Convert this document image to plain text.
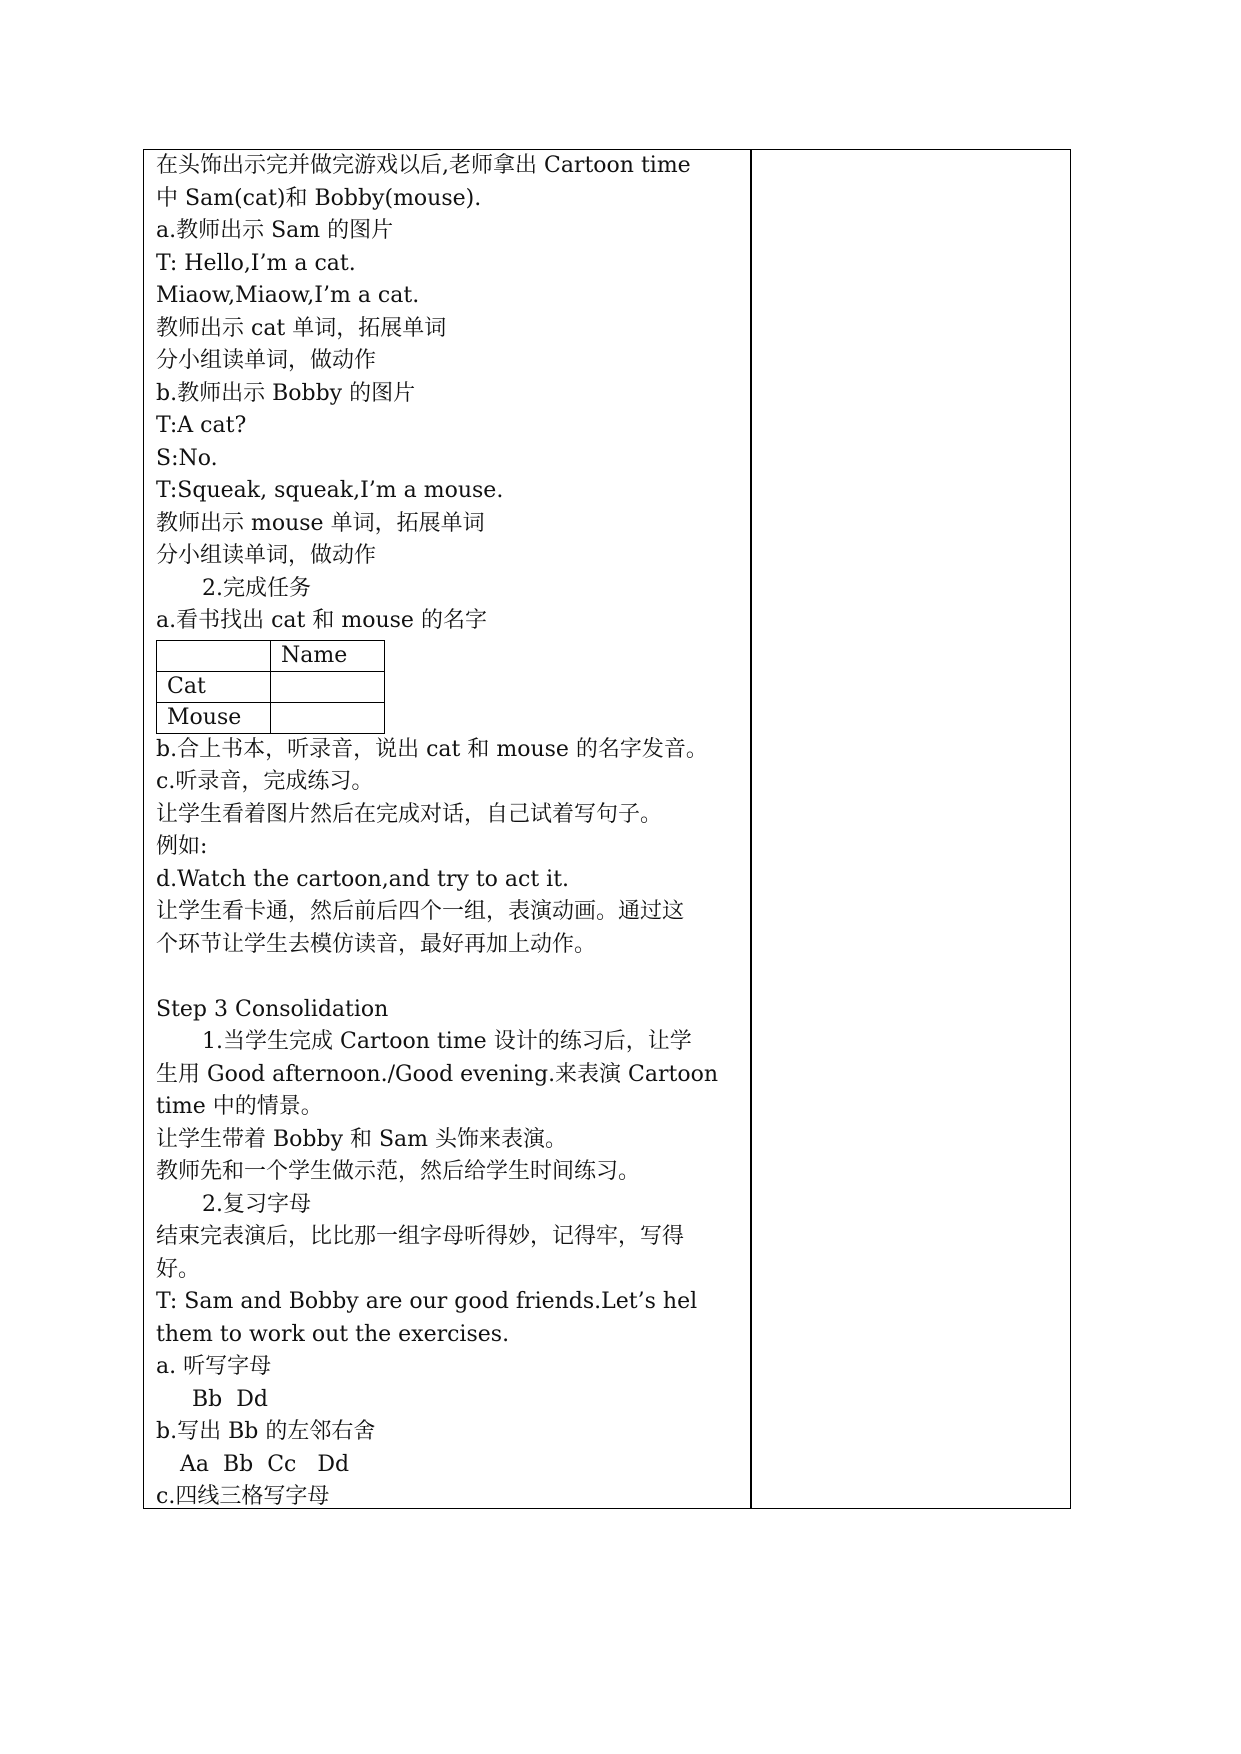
在头饰出示完并做完游戏以后,老师拿出 Cartoon time
中 Sam(cat)和 Bobby(mouse).
a.教师出示 Sam 的图片
T: Hello,I’m a cat.
Miaow,Miaow,I’m a cat.
教师出示 cat 单词，拓展单词
分小组读单词，做动作
b.教师出示 Bobby 的图片
T:A cat?
S:No.
T:Squeak, squeak,I’m a mouse.
教师出示 mouse 单词，拓展单词
分小组读单词，做动作
2.完成任务
a.看书找出 cat 和 mouse 的名字
	Name
Cat	
Mouse	
b.合上书本，听录音，说出 cat 和 mouse 的名字发音。
c.听录音，完成练习。
让学生看着图片然后在完成对话，自己试着写句子。
例如:
d.Watch the cartoon,and try to act it.
让学生看卡通，然后前后四个一组，表演动画。通过这
个环节让学生去模仿读音，最好再加上动作。
Step 3 Consolidation
1.当学生完成 Cartoon time 设计的练习后，让学
生用 Good afternoon./Good evening.来表演 Cartoon
time 中的情景。
让学生带着 Bobby 和 Sam 头饰来表演。
教师先和一个学生做示范，然后给学生时间练习。
2.复习字母
结束完表演后，比比那一组字母听得妙，记得牢，写得
好。
T: Sam and Bobby are our good friends.Let’s hel
them to work out the exercises.
a. 听写字母
Bb  Dd
b.写出 Bb 的左邻右舍
Aa  Bb  Cc   Dd
c.四线三格写字母
